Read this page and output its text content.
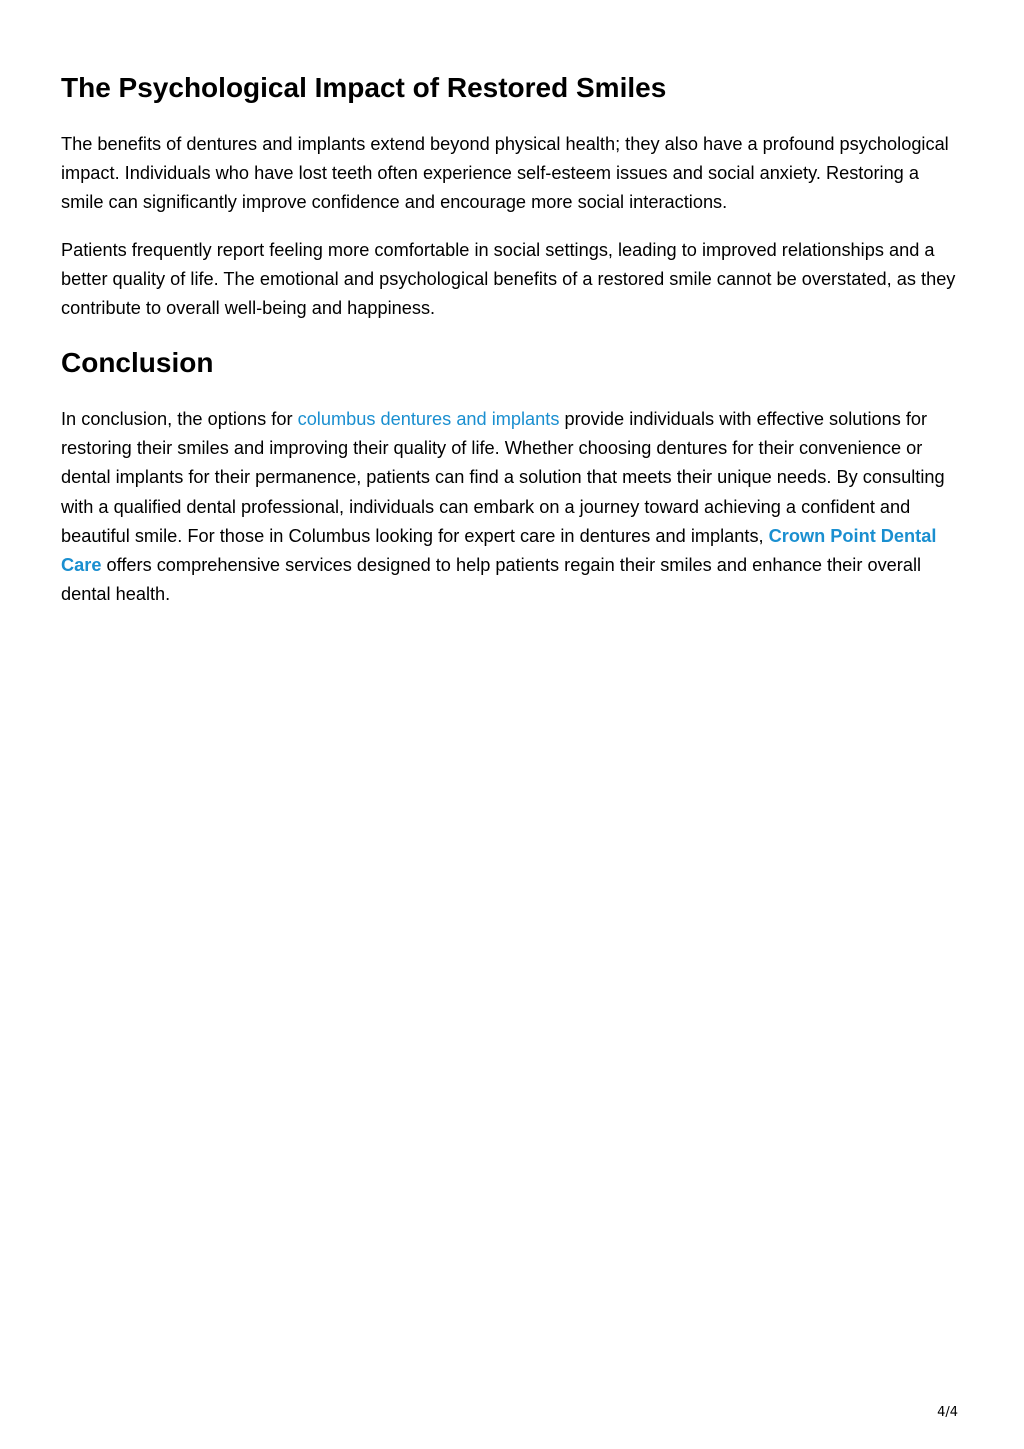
The Psychological Impact of Restored Smiles

The benefits of dentures and implants extend beyond physical health; they also have a profound psychological impact. Individuals who have lost teeth often experience self-esteem issues and social anxiety. Restoring a smile can significantly improve confidence and encourage more social interactions.

Patients frequently report feeling more comfortable in social settings, leading to improved relationships and a better quality of life. The emotional and psychological benefits of a restored smile cannot be overstated, as they contribute to overall well-being and happiness.

Conclusion

In conclusion, the options for columbus dentures and implants provide individuals with effective solutions for restoring their smiles and improving their quality of life. Whether choosing dentures for their convenience or dental implants for their permanence, patients can find a solution that meets their unique needs. By consulting with a qualified dental professional, individuals can embark on a journey toward achieving a confident and beautiful smile. For those in Columbus looking for expert care in dentures and implants, Crown Point Dental Care offers comprehensive services designed to help patients regain their smiles and enhance their overall dental health.

4/4
